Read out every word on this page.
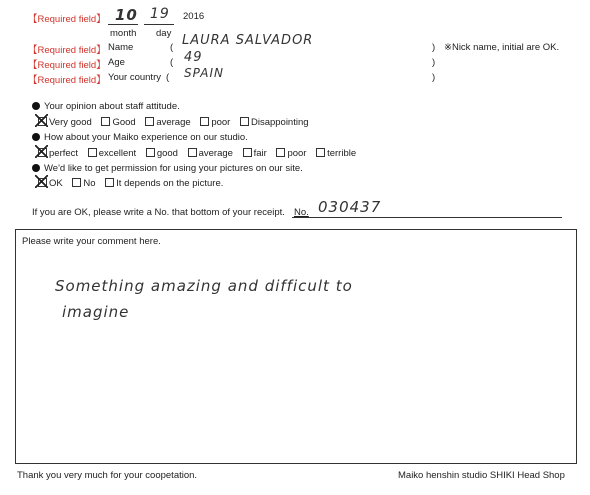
【Required field】 10 19 2016
month day
【Required field】 Name	( LAURA SALVADOR	) ※Nick name, initial are OK.
【Required field】 Age	( 49	)
【Required field】 Your country ( SPAIN	)
Your opinion about staff attitude.
Very good Good average poor Disappointing
How about your Maiko experience on our studio.
perfect excellent good average fair poor terrible
We'd like to get permission for using your pictures on our site.
OK No It depends on the picture.
If you are OK, please write a No. that bottom of your receipt. No. 030437
Please write your comment here.
Something amazing and difficult to
imagine
Thank you very much for your coopetation.	Maiko henshin studio SHIKI Head Shop
